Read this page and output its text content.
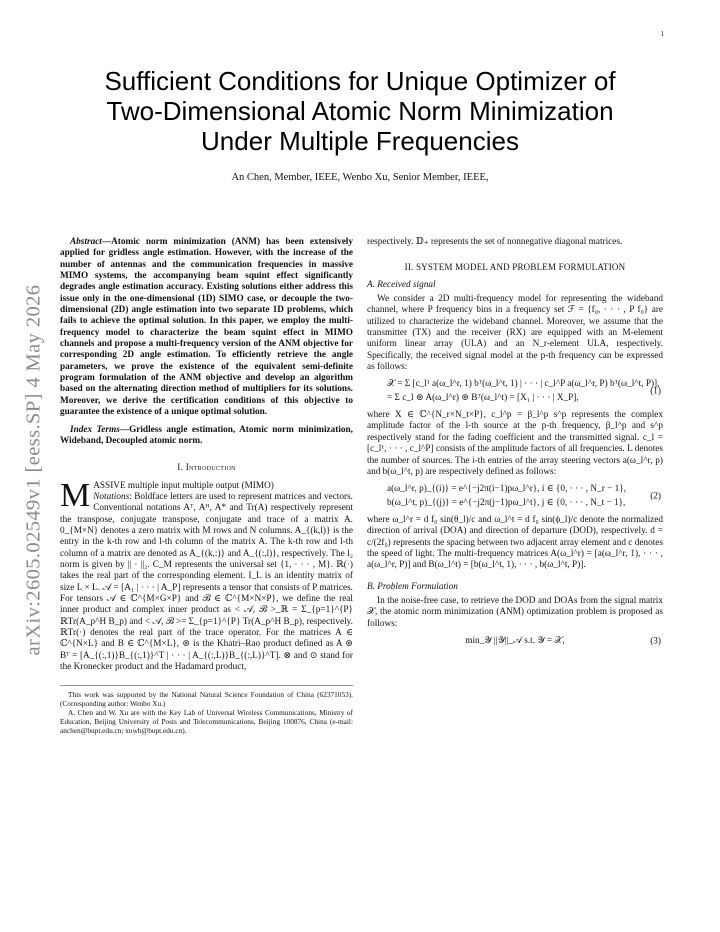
1
arXiv:2605.02549v1 [eess.SP] 4 May 2026
Sufficient Conditions for Unique Optimizer of
Two-Dimensional Atomic Norm Minimization
Under Multiple Frequencies
An Chen, Member, IEEE, Wenbo Xu, Senior Member, IEEE,

Abstract—Atomic norm minimization (ANM) has been extensively applied for gridless angle estimation. However, with the increase of the number of antennas and the communication frequencies in massive MIMO systems, the accompanying beam squint effect significantly degrades angle estimation accuracy. Existing solutions either address this issue only in the one-dimensional (1D) SIMO case, or decouple the two-dimensional (2D) angle estimation into two separate 1D problems, which fails to achieve the optimal solution. In this paper, we employ the multi-frequency model to characterize the beam squint effect in MIMO channels and propose a multi-frequency version of the ANM objective for corresponding 2D angle estimation. To efficiently retrieve the angle parameters, we prove the existence of the equivalent semi-definite program formulation of the ANM objective and develop an algorithm based on the alternating direction method of multipliers for its solutions. Moreover, we derive the certification conditions of this objective to guarantee the existence of a unique optimal solution.

Index Terms—Gridless angle estimation, Atomic norm minimization, Wideband, Decoupled atomic norm.

I. Introduction

MASSIVE multiple input multiple output (MIMO)
Notations: Boldface letters are used to represent matrices and vectors. Conventional notations Aᵀ, Aᴴ, A* and Tr(A) respectively represent the transpose, conjugate transpose, conjugate and trace of a matrix A. 0_{M×N} denotes a zero matrix with M rows and N columns. A_{(k,l)} is the entry in the k-th row and l-th column of the matrix A. The k-th row and l-th column of a matrix are denoted as A_{(k,:)} and A_{(:,l)}, respectively. The l₂ norm is given by || · ||₂. C_M represents the universal set {1, · · · , M}. ℝ(·) takes the real part of the corresponding element. I_L is an identity matrix of size L × L. 𝒜 = [A₁ | · · · | A_P] represents a tensor that consists of P matrices. For tensors 𝒜 ∈ ℂ^{M×G×P} and ℬ ∈ ℂ^{M×N×P}, we define the real inner product and complex inner product as < 𝒜, ℬ >_ℝ = Σ_{p=1}^{P} ℝTr(A_p^H B_p) and < 𝒜, ℬ >= Σ_{p=1}^{P} Tr(A_p^H B_p), respectively. ℝTr(·) denotes the real part of the trace operator. For the matrices A ∈ ℂ^{N×L} and B ∈ ℂ^{M×L}, ⊚ is the Khatri–Rao product defined as A ⊚ Bᵀ = [A_{(:,1)}B_{(:,1)}^T | · · · | A_{(:,L)}B_{(:,L)}^T]. ⊗ and ⊙ stand for the Kronecker product and the Hadamard product,

This work was supported by the National Natural Science Foundation of China (62371053).(Corresponding author: Wenbo Xu.)

A. Chen and W. Xu are with the Key Lab of Universal Wireless Communications, Ministry of Education, Beijing University of Posts and Telecommunications, Beijing 100876, China (e-mail: anchen@bupt.edu.cn; xuwb@bupt.edu.cn).

respectively. 𝔻₊ represents the set of nonnegative diagonal matrices.

II. SYSTEM MODEL AND PROBLEM FORMULATION
A. Received signal

We consider a 2D multi-frequency model for representing the wideband channel, where P frequency bins in a frequency set ℱ = {f₀, · · · , P f₀} are utilized to characterize the wideband channel. Moreover, we assume that the transmitter (TX) and the receiver (RX) are equipped with an M-element uniform linear array (ULA) and an N_r-element ULA, respectively. Specifically, the received signal model at the p-th frequency can be expressed as follows:

𝒳 = Σ [c_l¹ a(ω_l^r, 1) bᵀ(ω_l^t, 1) | · · · | c_l^P a(ω_l^r, P) bᵀ(ω_l^t, P)],
= Σ c_l ⊚ A(ω_l^r) ⊚ Bᵀ(ω_l^t) = [X₁ | · · · | X_P],
(1)

where X ∈ ℂ^{N_r×N_t×P}, c_l^p = β_l^p s^p represents the complex amplitude factor of the l-th source at the p-th frequency, β_l^p and s^p respectively stand for the fading coefficient and the transmitted signal. c_l = [c_l¹, · · · , c_l^P] consists of the amplitude factors of all frequencies. L denotes the number of sources. The i-th entries of the array steering vectors a(ω_l^r, p) and b(ω_l^t, p) are respectively defined as follows:

a(ω_l^r, p)_{(i)} = e^{−j2π(i−1)pω_l^r}, i ∈ {0, · · · , N_r − 1},
b(ω_l^t, p)_{(j)} = e^{−j2π(j−1)pω_l^t}, j ∈ {0, · · · , N_t − 1},
(2)

where ω_l^r = d f₀ sin(θ_l)/c and ω_l^t = d f₀ sin(ϕ_l)/c denote the normalized direction of arrival (DOA) and direction of departure (DOD), respectively. d = c/(2f₀) represents the spacing between two adjacent array element and c denotes the speed of light. The multi-frequency matrices A(ω_l^r) = [a(ω_l^r, 1), · · · , a(ω_l^r, P)] and B(ω_l^t) = [b(ω_l^t, 1), · · · , b(ω_l^t, P)].

B. Problem Formulation

In the noise-free case, to retrieve the DOD and DOAs from the signal matrix 𝒳, the atomic norm minimization (ANM) optimization problem is proposed as follows:

min_𝒴 ||𝒴||_𝒜 s.t. 𝒴 = 𝒳,	(3)
